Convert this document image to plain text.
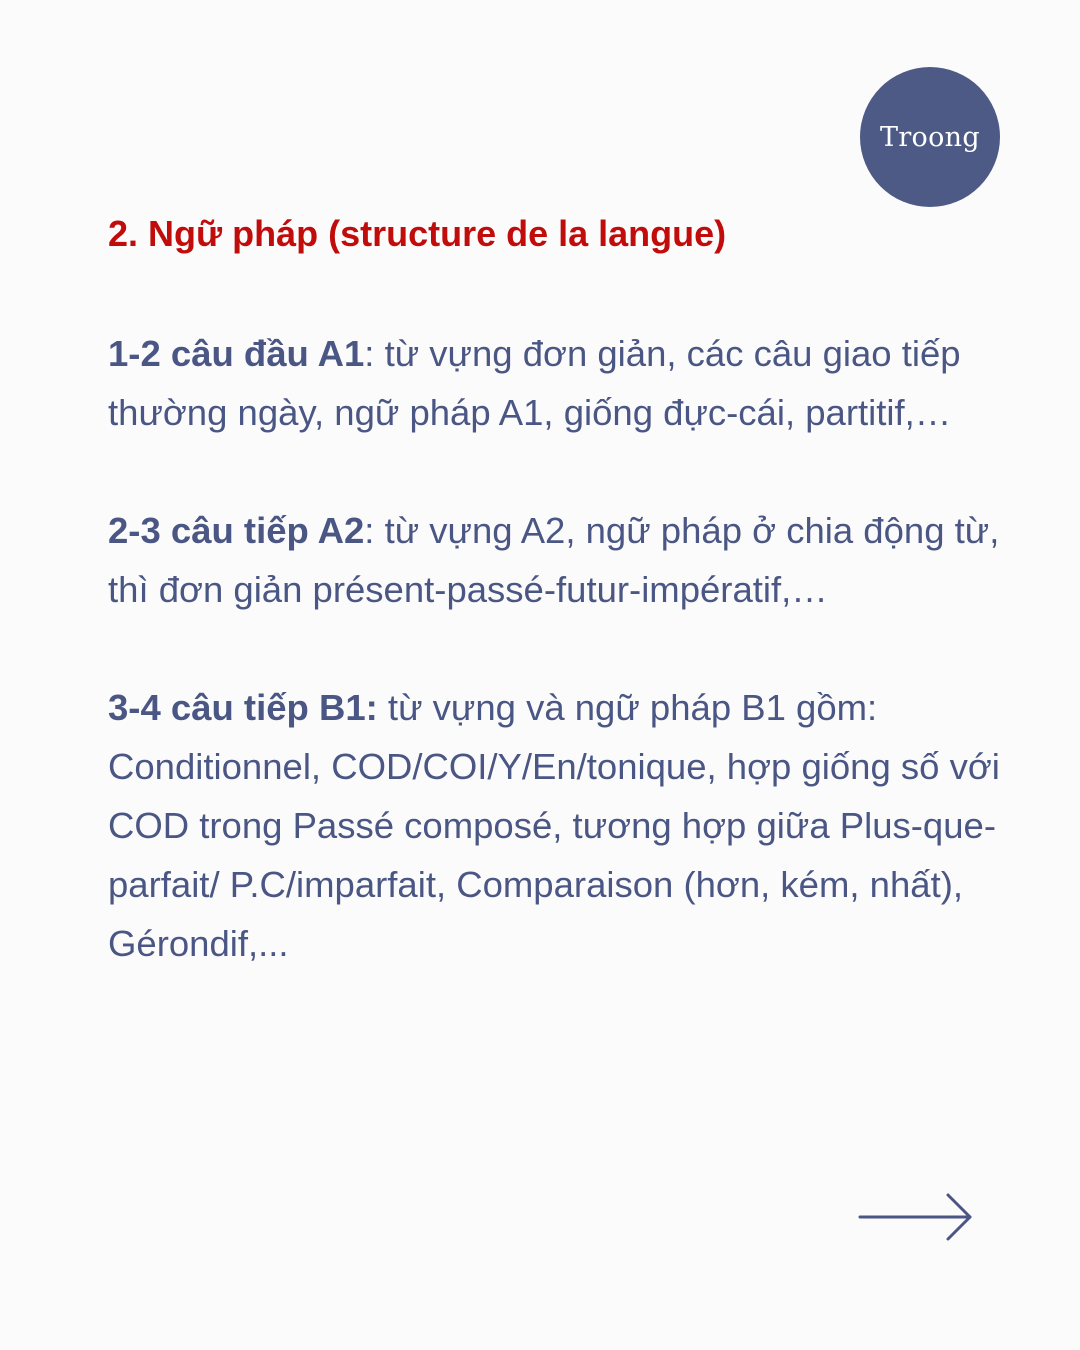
Troong
2. Ngữ pháp (structure de la langue)

1-2 câu đầu A1: từ vựng đơn giản, các câu giao tiếp thường ngày, ngữ pháp A1, giống đực-cái, partitif,…

2-3 câu tiếp A2: từ vựng A2, ngữ pháp ở chia động từ, thì đơn giản présent-passé-futur-impératif,…

3-4 câu tiếp B1: từ vựng và ngữ pháp B1 gồm: Conditionnel, COD/COI/Y/En/tonique, hợp giống số với COD trong Passé composé, tương hợp giữa Plus-que-parfait/ P.C/imparfait, Comparaison (hơn, kém, nhất), Gérondif,...
